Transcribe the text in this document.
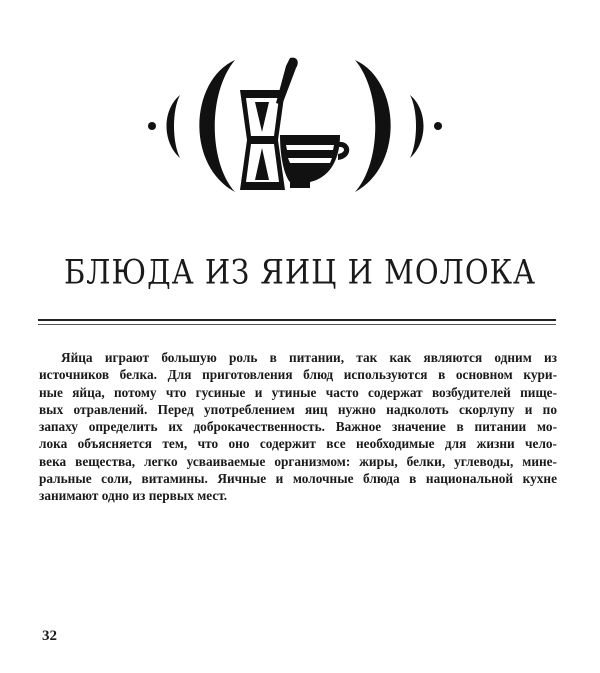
БЛЮДА ИЗ ЯИЦ И МОЛОКА
Яйца играют большую роль в питании, так как являются одним из
источников белка. Для приготовления блюд используются в основном кури-
ные яйца, потому что гусиные и утиные часто содержат возбудителей пище-
вых отравлений. Перед употреблением яиц нужно надколоть скорлупу и по
запаху определить их доброкачественность. Важное значение в питании мо-
лока объясняется тем, что оно содержит все необходимые для жизни чело-
века вещества, легко усваиваемые организмом: жиры, белки, углеводы, мине-
ральные соли, витамины. Яичные и молочные блюда в национальной кухне
занимают одно из первых мест.
32
